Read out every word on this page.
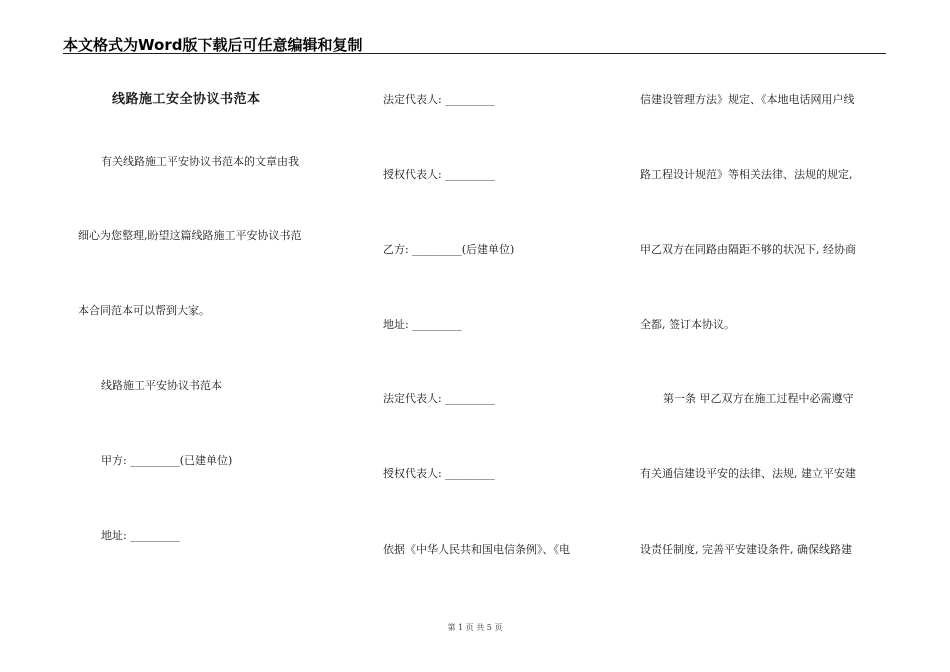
本文格式为Word版下载后可任意编辑和复制
线路施工安全协议书范本
有关线路施工平安协议书范本的文章由我
细心为您整理,盼望这篇线路施工平安协议书范
本合同范本可以帮到大家。
线路施工平安协议书范本
甲方: _________(已建单位)
地址: _________
法定代表人: _________
授权代表人: _________
乙方: _________(后建单位)
地址: _________
法定代表人: _________
授权代表人: _________
依据《中华人民共和国电信条例》、《电
信建设管理方法》规定、《本地电话网用户线
路工程设计规范》等相关法律、法规的规定,
甲乙双方在同路由隔距不够的状况下, 经协商
全都, 签订本协议。
第一条 甲乙双方在施工过程中必需遵守
有关通信建设平安的法律、法规, 建立平安建
设责任制度, 完善平安建设条件, 确保线路建
第 1 页 共 5 页
